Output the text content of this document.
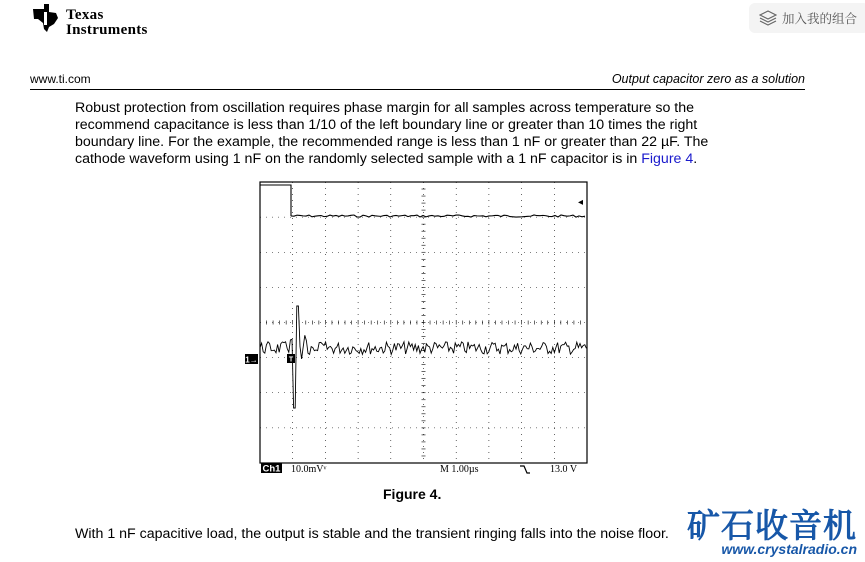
Texas
Instruments
加入我的组合
www.ti.com	Output capacitor zero as a solution
Robust protection from oscillation requires phase margin for all samples across temperature so the
recommend capacitance is less than 1/10 of the left boundary line or greater than 10 times the right
boundary line. For the example, the recommended range is less than 1 nF or greater than 22 µF. The
cathode waveform using 1 nF on the randomly selected sample with a 1 nF capacitor is in Figure 4.
1→	T
◂
Ch1 10.0mVᵛ	M 1.00µs	13.0 V
Figure 4.
With 1 nF capacitive load, the output is stable and the transient ringing falls into the noise floor. 矿石收音机
www.crystalradio.cn
